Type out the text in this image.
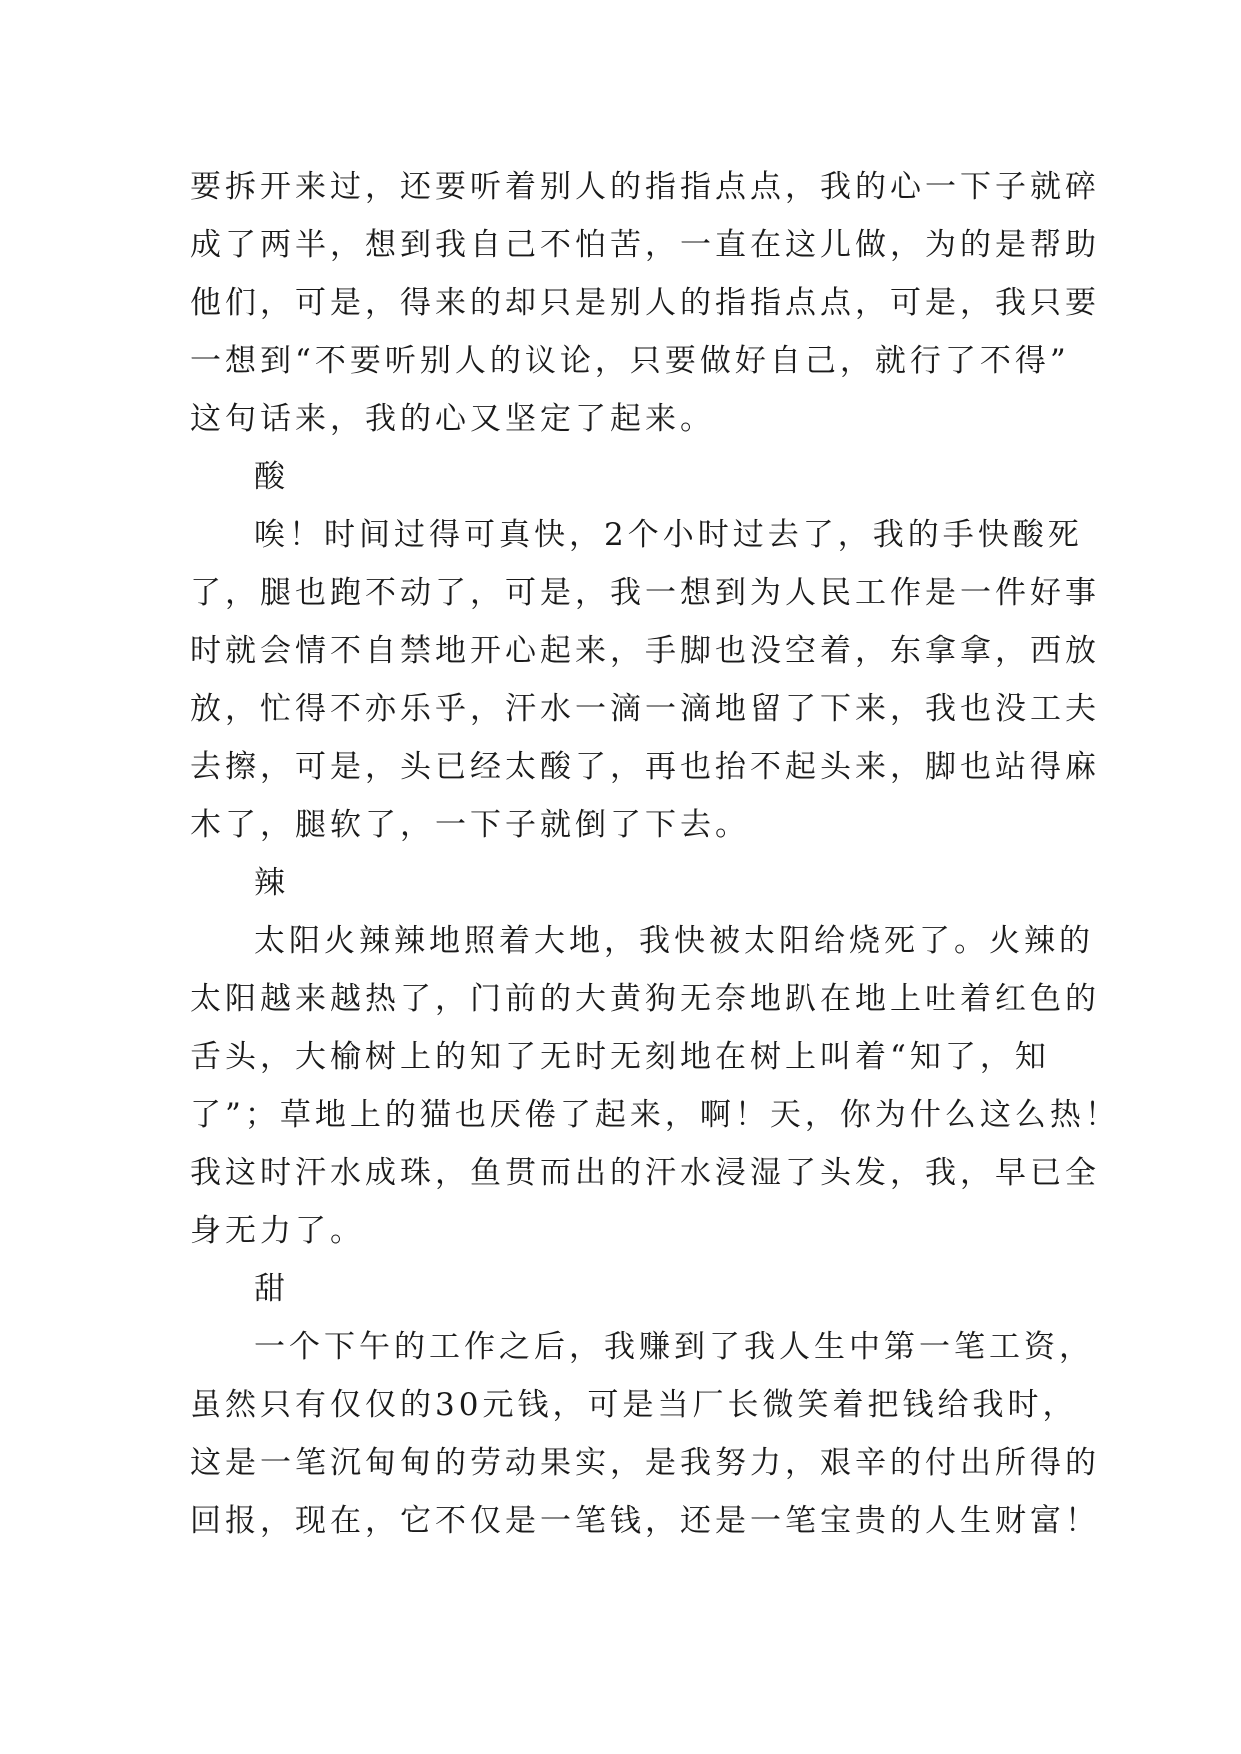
要拆开来过，还要听着别人的指指点点，我的心一下子就碎
成了两半，想到我自己不怕苦，一直在这儿做，为的是帮助
他们，可是，得来的却只是别人的指指点点，可是，我只要
一想到“不要听别人的议论，只要做好自己，就行了不得”
这句话来，我的心又坚定了起来。
酸
唉！时间过得可真快，2个小时过去了，我的手快酸死
了，腿也跑不动了，可是，我一想到为人民工作是一件好事
时就会情不自禁地开心起来，手脚也没空着，东拿拿，西放
放，忙得不亦乐乎，汗水一滴一滴地留了下来，我也没工夫
去擦，可是，头已经太酸了，再也抬不起头来，脚也站得麻
木了，腿软了，一下子就倒了下去。
辣
太阳火辣辣地照着大地，我快被太阳给烧死了。火辣的
太阳越来越热了，门前的大黄狗无奈地趴在地上吐着红色的
舌头，大榆树上的知了无时无刻地在树上叫着“知了，知
了”；草地上的猫也厌倦了起来，啊！天，你为什么这么热！
我这时汗水成珠，鱼贯而出的汗水浸湿了头发，我，早已全
身无力了。
甜
一个下午的工作之后，我赚到了我人生中第一笔工资，
虽然只有仅仅的30元钱，可是当厂长微笑着把钱给我时，
这是一笔沉甸甸的劳动果实，是我努力，艰辛的付出所得的
回报，现在，它不仅是一笔钱，还是一笔宝贵的人生财富！
